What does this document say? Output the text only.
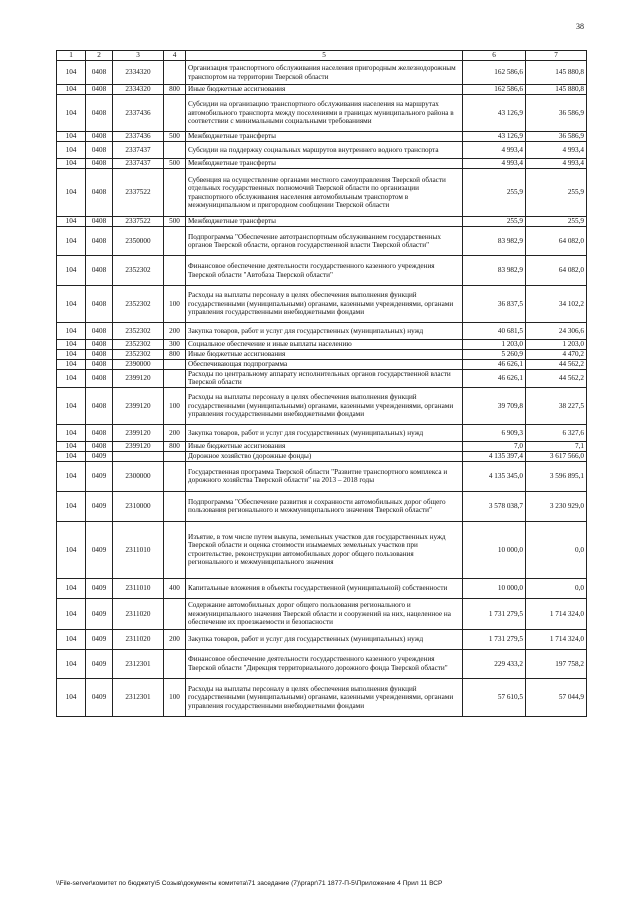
38
1	2	3	4	5	6	7
104	0408	2334320		Организация транспортного обслуживания населения пригородным железнодорожным транспортом на территории Тверской области	162 586,6	145 880,8
104	0408	2334320	800	Иные бюджетные ассигнования	162 586,6	145 880,8
104	0408	2337436		Субсидии на организацию транспортного обслуживания населения на маршрутах автомобильного транспорта между поселениями в границах муниципального района в соответствии с минимальными социальными требованиями	43 126,9	36 586,9
104	0408	2337436	500	Межбюджетные трансферты	43 126,9	36 586,9
104	0408	2337437		Субсидии на поддержку социальных маршрутов внутреннего водного транспорта	4 993,4	4 993,4
104	0408	2337437	500	Межбюджетные трансферты	4 993,4	4 993,4
104	0408	2337522		Субвенция на осуществление органами местного самоуправления Тверской области отдельных государственных полномочий Тверской области по организации транспортного обслуживания населения автомобильным транспортом в межмуниципальном и пригородном сообщении Тверской области	255,9	255,9
104	0408	2337522	500	Межбюджетные трансферты	255,9	255,9
104	0408	2350000		Подпрограмма "Обеспечение автотранспортным обслуживанием государственных органов Тверской области, органов государственной власти Тверской области"	83 982,9	64 082,0
104	0408	2352302		Финансовое обеспечение деятельности государственного казенного учреждения Тверской области "Автобаза Тверской области"	83 982,9	64 082,0
104	0408	2352302	100	Расходы на выплаты персоналу в целях обеспечения выполнения функций государственными (муниципальными) органами, казенными учреждениями, органами управления государственными внебюджетными фондами	36 837,5	34 102,2
104	0408	2352302	200	Закупка товаров, работ и услуг для государственных (муниципальных) нужд	40 681,5	24 306,6
104	0408	2352302	300	Социальное обеспечение и иные выплаты населению	1 203,0	1 203,0
104	0408	2352302	800	Иные бюджетные ассигнования	5 260,9	4 470,2
104	0408	2390000		Обеспечивающая подпрограмма	46 626,1	44 562,2
104	0408	2399120		Расходы по центральному аппарату исполнительных органов государственной власти Тверской области	46 626,1	44 562,2
104	0408	2399120	100	Расходы на выплаты персоналу в целях обеспечения выполнения функций государственными (муниципальными) органами, казенными учреждениями, органами управления государственными внебюджетными фондами	39 709,8	38 227,5
104	0408	2399120	200	Закупка товаров, работ и услуг для государственных (муниципальных) нужд	6 909,3	6 327,6
104	0408	2399120	800	Иные бюджетные ассигнования	7,0	7,1
104	0409			Дорожное хозяйство (дорожные фонды)	4 135 397,4	3 617 566,0
104	0409	2300000		Государственная программа Тверской области "Развитие транспортного комплекса и дорожного хозяйства Тверской области" на 2013 – 2018 годы	4 135 345,0	3 596 895,1
104	0409	2310000		Подпрограмма "Обеспечение развития и сохранности автомобильных дорог общего пользования регионального и межмуниципального значения Тверской области"	3 578 038,7	3 230 929,0
104	0409	2311010		Изъятие, в том числе путем выкупа, земельных участков для государственных нужд Тверской области и оценка стоимости изымаемых земельных участков при строительстве, реконструкции автомобильных дорог общего пользования регионального и межмуниципального значения	10 000,0	0,0
104	0409	2311010	400	Капитальные вложения в объекты государственной (муниципальной) собственности	10 000,0	0,0
104	0409	2311020		Содержание автомобильных дорог общего пользования регионального и межмуниципального значения Тверской области и сооружений на них, нацеленное на обеспечение их проезжаемости и безопасности	1 731 279,5	1 714 324,0
104	0409	2311020	200	Закупка товаров, работ и услуг для государственных (муниципальных) нужд	1 731 279,5	1 714 324,0
104	0409	2312301		Финансовое обеспечение деятельности государственного казенного учреждения Тверской области "Дирекция территориального дорожного фонда Тверской области"	229 433,2	197 758,2
104	0409	2312301	100	Расходы на выплаты персоналу в целях обеспечения выполнения функций государственными (муниципальными) органами, казенными учреждениями, органами управления государственными внебюджетными фондами	57 610,5	57 044,9
\\File-server\комитет по бюджету\5 Созыв\документы комитета\71 заседание (7)\prapr\71 1877-П-5\Приложение 4 Прил 11 ВСР
